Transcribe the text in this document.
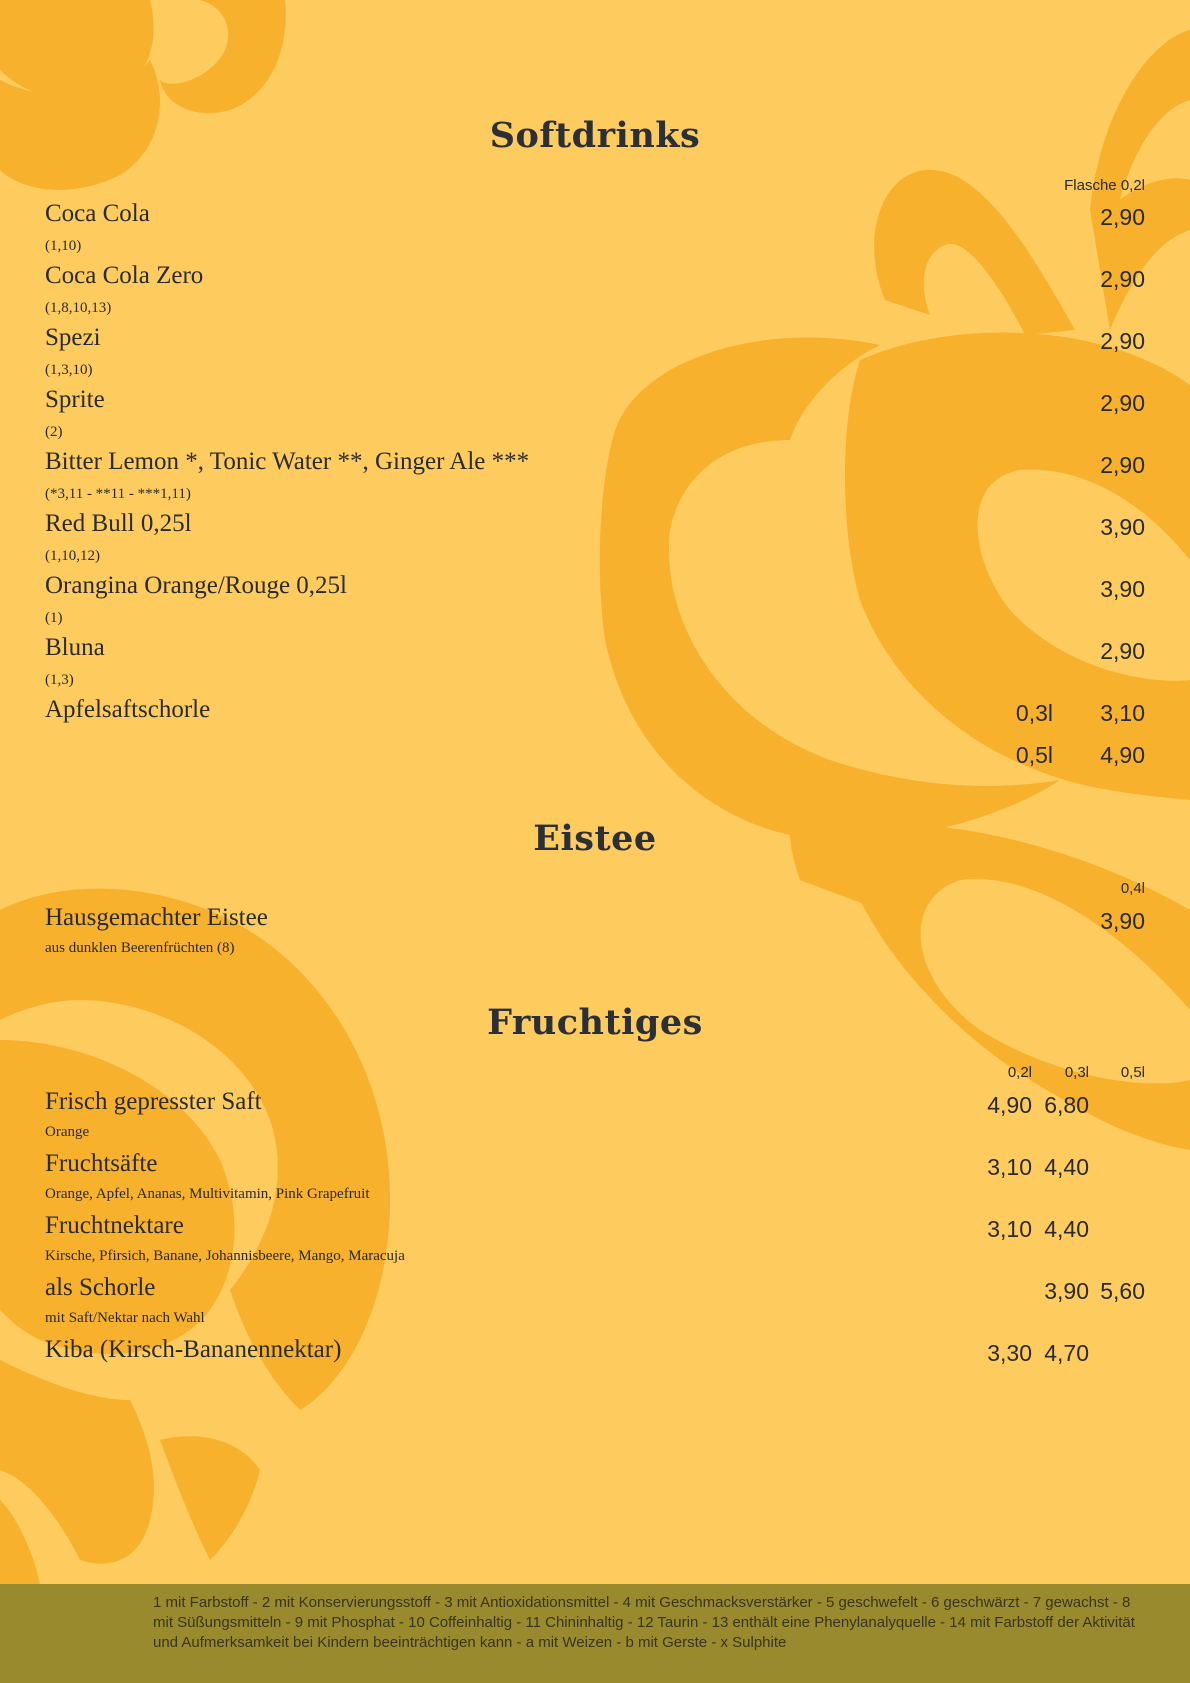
Softdrinks
Flasche 0,2l
Coca Cola
(1,10)
2,90
Coca Cola Zero
(1,8,10,13)
2,90
Spezi
(1,3,10)
2,90
Sprite
(2)
2,90
Bitter Lemon *, Tonic Water **, Ginger Ale ***
(*3,11 - **11 - ***1,11)
2,90
Red Bull 0,25l
(1,10,12)
3,90
Orangina Orange/Rouge 0,25l
(1)
3,90
Bluna
(1,3)
2,90
Apfelsaftschorle	0,3l 3,10
0,5l 4,90
Eistee
0,4l
Hausgemachter Eistee
aus dunklen Beerenfrüchten (8)
3,90
Fruchtiges
0,2l 0,3l 0,5l
Frisch gepresster Saft
Orange
4,90 6,80
Fruchtsäfte
Orange, Apfel, Ananas, Multivitamin, Pink Grapefruit
3,10 4,40
Fruchtnektare
Kirsche, Pfirsich, Banane, Johannisbeere, Mango, Maracuja
3,10 4,40
als Schorle
mit Saft/Nektar nach Wahl
3,90 5,60
Kiba (Kirsch-Bananennektar)	3,30 4,70
1 mit Farbstoff - 2 mit Konservierungsstoff - 3 mit Antioxidationsmittel - 4 mit Geschmacksverstärker - 5 geschwefelt - 6 geschwärzt - 7 gewachst - 8 mit Süßungsmitteln - 9 mit Phosphat - 10 Coffeinhaltig - 11 Chininhaltig - 12 Taurin - 13 enthält eine Phenylanalyquelle - 14 mit Farbstoff der Aktivität und Aufmerksamkeit bei Kindern beeinträchtigen kann - a mit Weizen - b mit Gerste - x Sulphite
